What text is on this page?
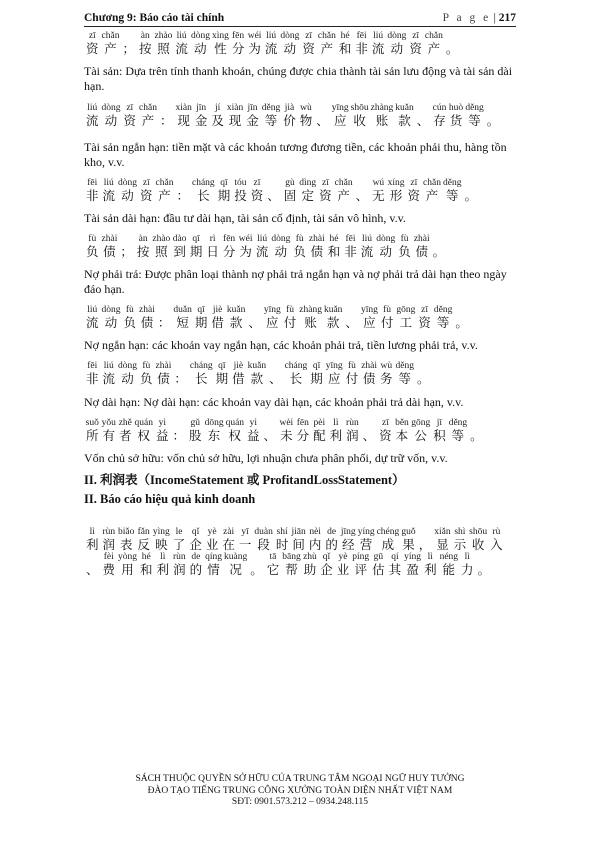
Chương 9: Báo cáo tài chính	P a g e | 217
zī
资
chǎn
产
；
àn
按
zhào
照
liú
流
dòng
动
xìng
性
fēn
分
wéi
为
liú
流
dòng
动
zī
资
chǎn
产
hé
和
fēi
非
liú
流
dòng
动
zī
资
chǎn
产
。

Tài sản: Dựa trên tính thanh khoản, chúng được chia thành tài sản lưu động và tài sản dài hạn.

liú
流
dòng
动
zī
资
chǎn
产
：
xiàn
现
jīn
金
jí
及
xiàn
现
jīn
金
děng
等
jià
价
wù
物
、
yīng
应
shōu
收
zhàng
账
kuǎn
款
、
cún
存
huò
货
děng
等
。

Tài sản ngắn hạn: tiền mặt và các khoản tương đương tiền, các khoản phải thu, hàng tồn kho, v.v.

fēi
非
liú
流
dòng
动
zī
资
chǎn
产
：
cháng
长
qī
期
tóu
投
zī
资
、
gù
固
dìng
定
zī
资
chǎn
产
、
wú
无
xíng
形
zī
资
chǎn
产
děng
等
。

Tài sản dài hạn: đầu tư dài hạn, tài sản cố định, tài sản vô hình, v.v.

fù
负
zhài
债
；
àn
按
zhào
照
dào
到
qī
期
rì
日
fēn
分
wéi
为
liú
流
dòng
动
fù
负
zhài
债
hé
和
fēi
非
liú
流
dòng
动
fù
负
zhài
债
。

Nợ phải trả: Được phân loại thành nợ phải trả ngắn hạn và nợ phải trả dài hạn theo ngày đáo hạn.

liú
流
dòng
动
fù
负
zhài
债
：
duǎn
短
qī
期
jiè
借
kuǎn
款
、
yīng
应
fù
付
zhàng
账
kuǎn
款
、
yīng
应
fù
付
gōng
工
zī
资
děng
等
。

Nợ ngắn hạn: các khoản vay ngắn hạn, các khoản phải trả, tiền lương phải trả, v.v.

fēi
非
liú
流
dòng
动
fù
负
zhài
债
：
cháng
长
qī
期
jiè
借
kuǎn
款
、
cháng
长
qī
期
yīng
应
fù
付
zhài
债
wù
务
děng
等
。

Nợ dài hạn: Nợ dài hạn: các khoản vay dài hạn, các khoản phải trả dài hạn, v.v.

suǒ
所
yǒu
有
zhě
者
quán
权
yì
益
：
gǔ
股
dōng
东
quán
权
yì
益
、
wèi
未
fēn
分
pèi
配
lì
利
rùn
润
、
zī
资
běn
本
gōng
公
jī
积
děng
等
。

Vốn chủ sở hữu: vốn chủ sở hữu, lợi nhuận chưa phân phối, dự trữ vốn, v.v.

II. 利润表（IncomeStatement 或 ProfitandLossStatement）

II. Báo cáo hiệu quả kinh doanh

lì
利
rùn
润
biǎo
表
fǎn
反
yìng
映
le
了
qǐ
企
yè
业
zài
在
yī
一
duàn
段
shí
时
jiān
间
nèi
内
de
的
jīng
经
yíng
营
chéng
成
guǒ
果
，
xiǎn
显
shì
示
shōu
收
rù
入

、
fèi
费
yòng
用
hé
和
lì
利
rùn
润
de
的
qíng
情
kuàng
况
。
tā
它
bāng
帮
zhù
助
qǐ
企
yè
业
píng
评
gū
估
qí
其
yíng
盈
lì
利
néng
能
lì
力
。
SÁCH THUỘC QUYỀN SỞ HỮU CỦA TRUNG TÂM NGOẠI NGỮ HUY TƯỞNG
ĐÀO TẠO TIẾNG TRUNG CÔNG XƯỞNG TOÀN DIỆN NHẤT VIỆT NAM
SĐT: 0901.573.212 – 0934.248.115
